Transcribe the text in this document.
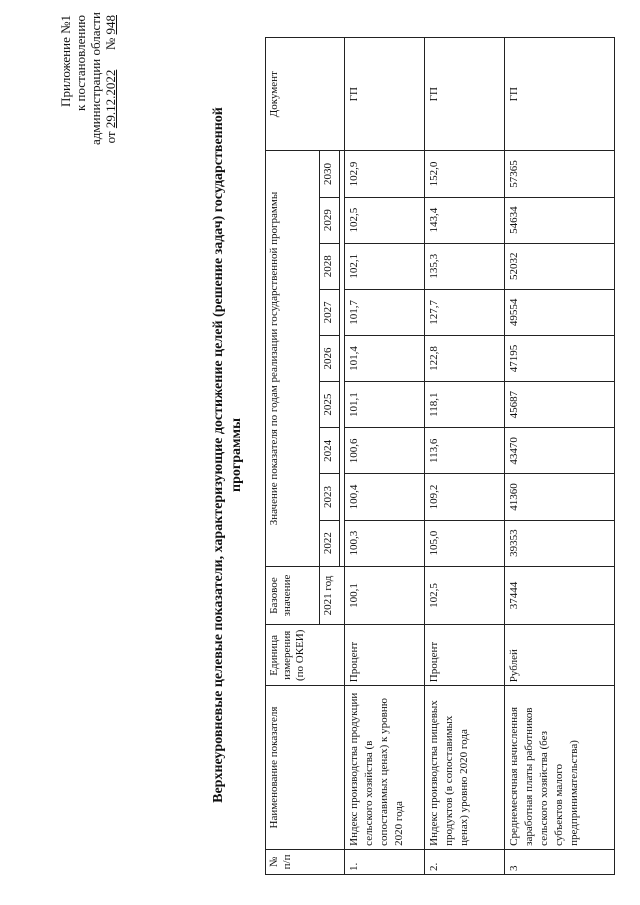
Приложение №1 к постановлению администрации области от 29.12.2022      № 948
Верхнеуровневые целевые показатели, характеризующие достижение целей (решение задач) государственной программы
№ п/п	Наименование показателя	Единица измерения (по ОКЕИ)	Базовое значение	Значение показателя по годам реализации государственной программы									Документ
			2021 год	2022	2023	2024	2025	2026	2027	2028	2029	2030	

1.	Индекс производства продукции сельского хозяйства (в сопоставимых ценах) к уровню 2020 года	Процент	100,1	100,3	100,4	100,6	101,1	101,4	101,7	102,1	102,5	102,9	ГП
2.	Индекс производства пищевых продуктов (в сопоставимых ценах) уровню 2020 года	Процент	102,5	105,0	109,2	113,6	118,1	122,8	127,7	135,3	143,4	152,0	ГП
3	Среднемесячная начисленная заработная платы работников сельского хозяйства (без субъектов малого предпринимательства)	Рублей	37444	39353	41360	43470	45687	47195	49554	52032	54634	57365	ГП
